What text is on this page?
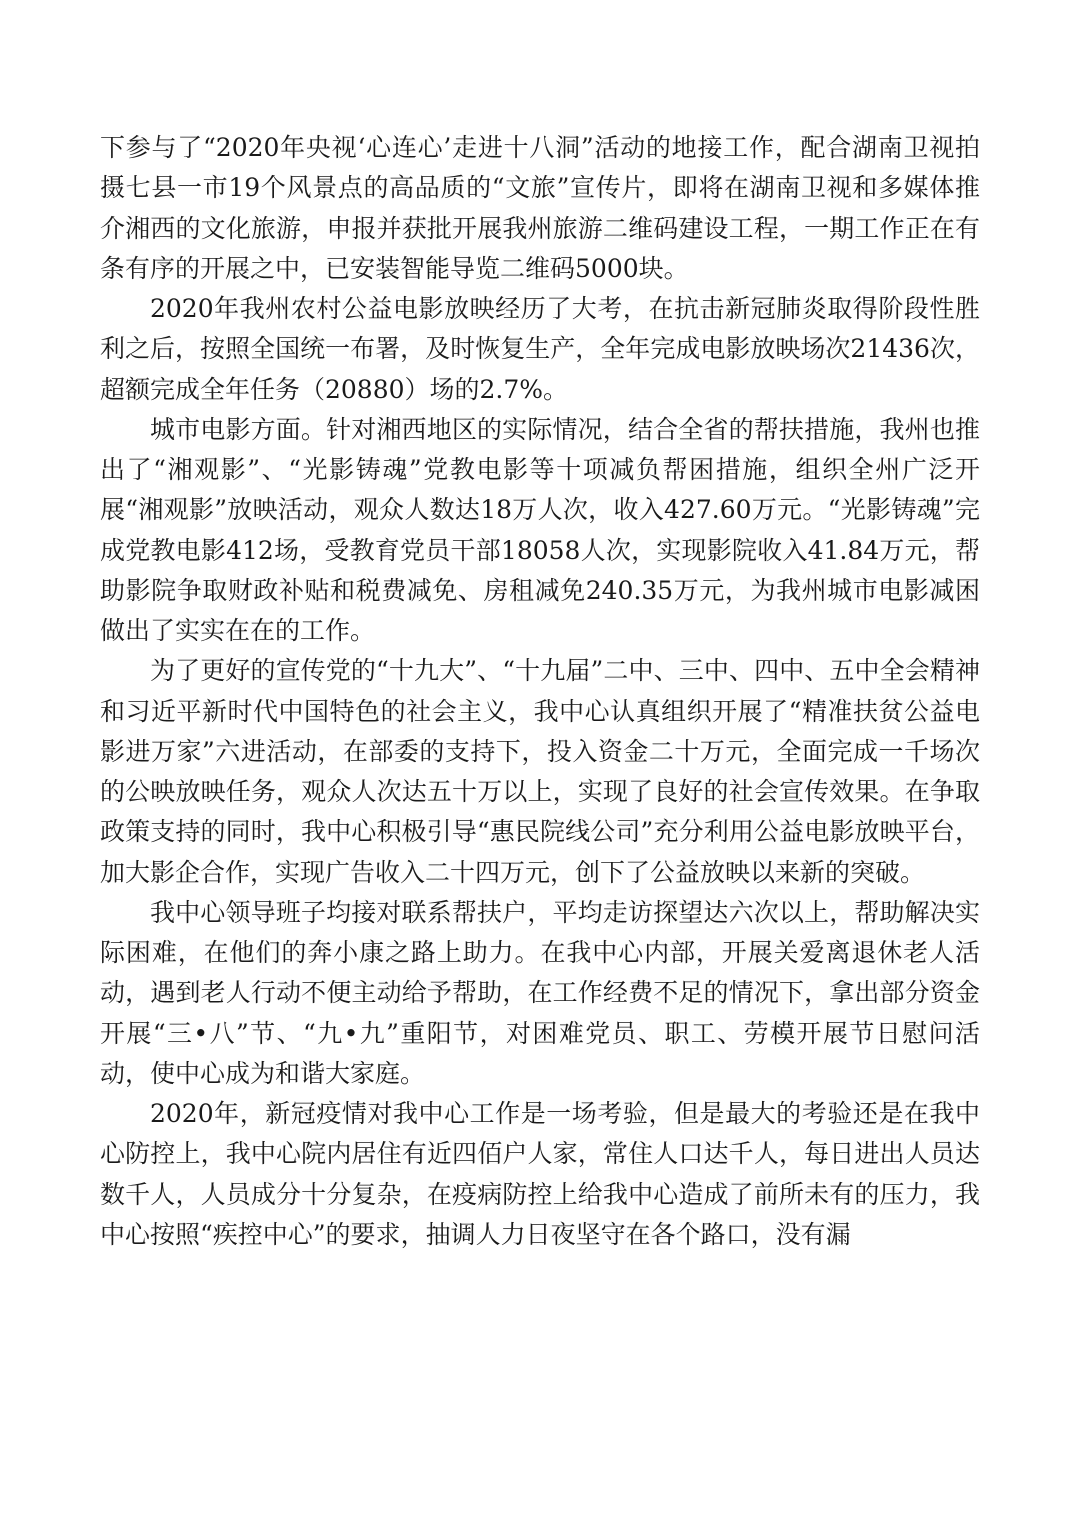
下参与了“2020年央视‘心连心’走进十八洞”活动的地接工作，配合湖南卫视拍摄七县一市19个风景点的高品质的“文旅”宣传片，即将在湖南卫视和多媒体推介湘西的文化旅游，申报并获批开展我州旅游二维码建设工程，一期工作正在有条有序的开展之中，已安装智能导览二维码5000块。

2020年我州农村公益电影放映经历了大考，在抗击新冠肺炎取得阶段性胜利之后，按照全国统一布署，及时恢复生产，全年完成电影放映场次21436次，超额完成全年任务（20880）场的2.7%。

城市电影方面。针对湘西地区的实际情况，结合全省的帮扶措施，我州也推出了“湘观影”、“光影铸魂”党教电影等十项减负帮困措施，组织全州广泛开展“湘观影”放映活动，观众人数达18万人次，收入427.60万元。“光影铸魂”完成党教电影412场，受教育党员干部18058人次，实现影院收入41.84万元，帮助影院争取财政补贴和税费减免、房租减免240.35万元，为我州城市电影减困做出了实实在在的工作。

为了更好的宣传党的“十九大”、“十九届”二中、三中、四中、五中全会精神和习近平新时代中国特色的社会主义，我中心认真组织开展了“精准扶贫公益电影进万家”六进活动，在部委的支持下，投入资金二十万元，全面完成一千场次的公映放映任务，观众人次达五十万以上，实现了良好的社会宣传效果。在争取政策支持的同时，我中心积极引导“惠民院线公司”充分利用公益电影放映平台，加大影企合作，实现广告收入二十四万元，创下了公益放映以来新的突破。

我中心领导班子均接对联系帮扶户，平均走访探望达六次以上，帮助解决实际困难，在他们的奔小康之路上助力。在我中心内部，开展关爱离退休老人活动，遇到老人行动不便主动给予帮助，在工作经费不足的情况下，拿出部分资金开展“三•八”节、“九•九”重阳节，对困难党员、职工、劳模开展节日慰问活动，使中心成为和谐大家庭。

2020年，新冠疫情对我中心工作是一场考验，但是最大的考验还是在我中心防控上，我中心院内居住有近四佰户人家，常住人口达千人，每日进出人员达数千人，人员成分十分复杂，在疫病防控上给我中心造成了前所未有的压力，我中心按照“疾控中心”的要求，抽调人力日夜坚守在各个路口，没有漏
